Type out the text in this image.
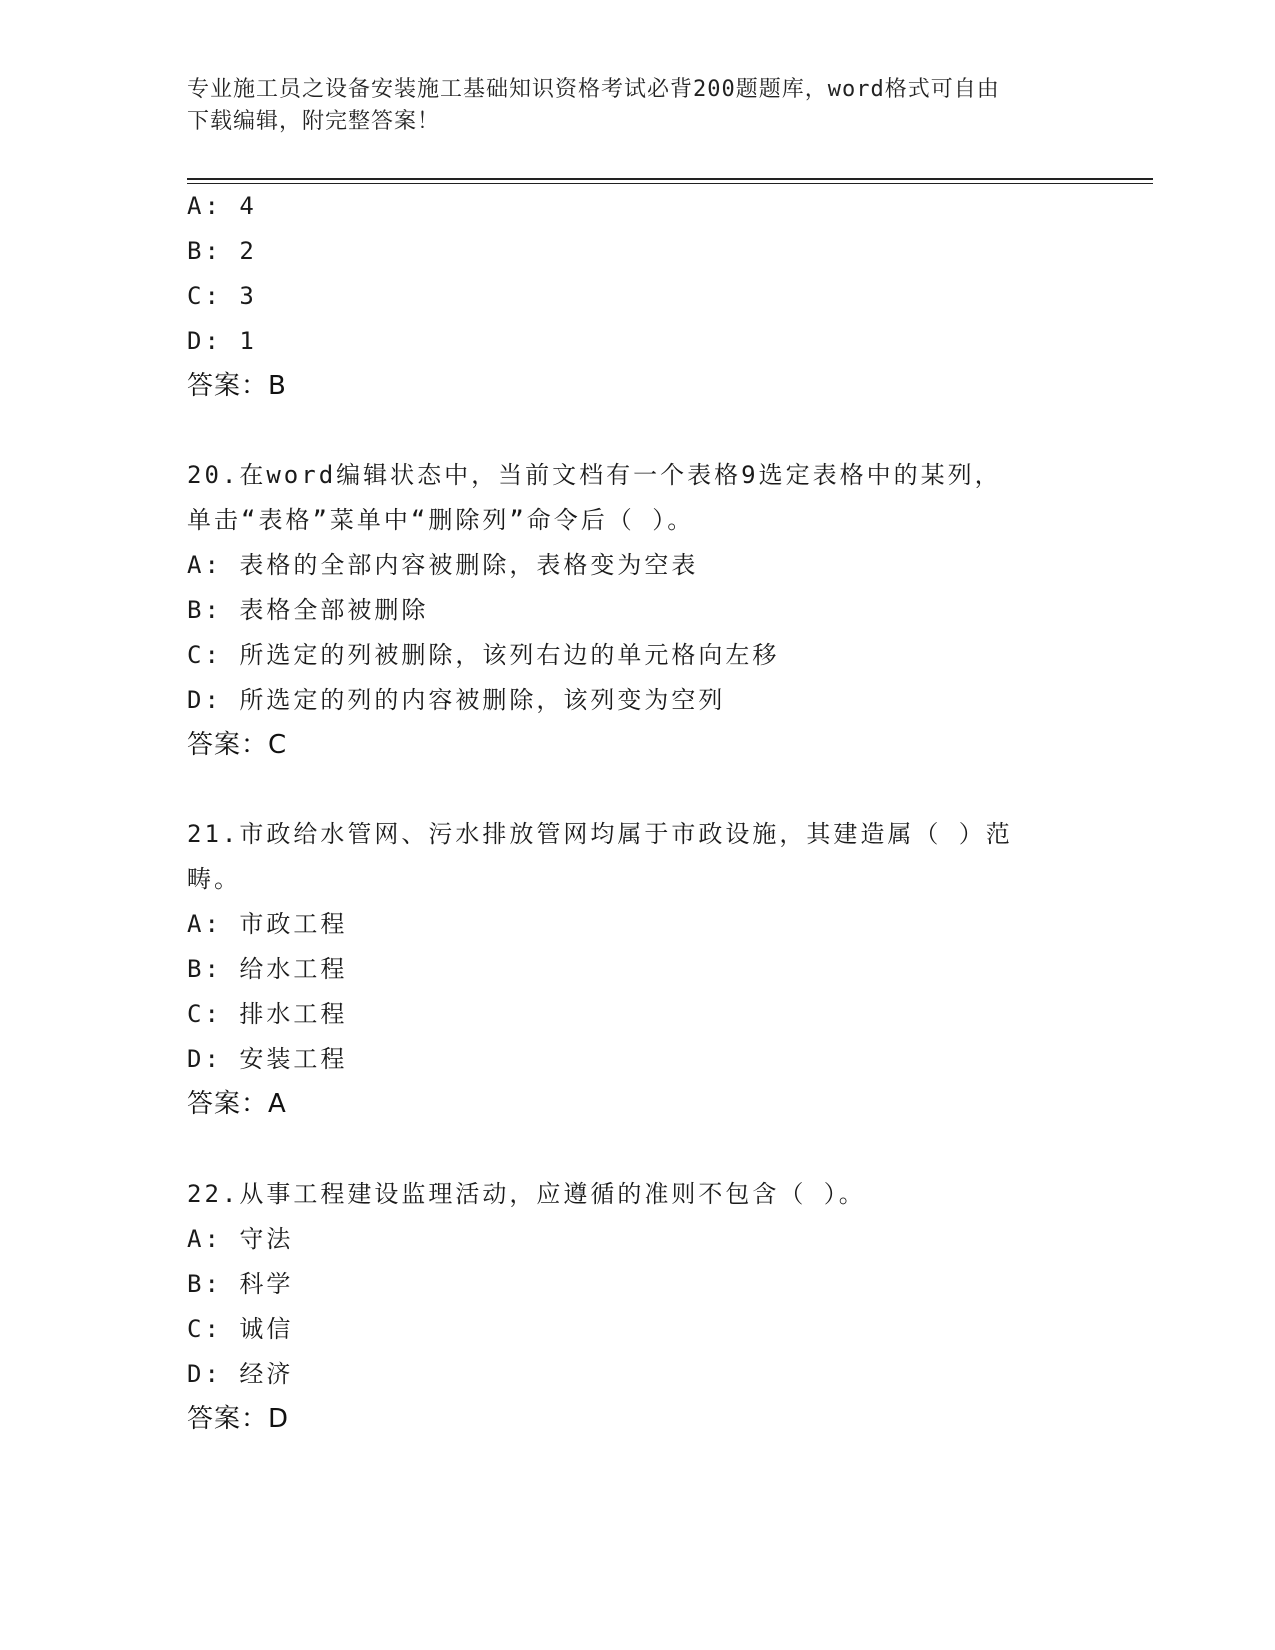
专业施工员之设备安装施工基础知识资格考试必背200题题库，word格式可自由
下载编辑，附完整答案！
A: 4
B: 2
C: 3
D: 1
答案：B
20.在word编辑状态中，当前文档有一个表格9选定表格中的某列，
单击“表格”菜单中“删除列”命令后（ ）。
A: 表格的全部内容被删除，表格变为空表
B: 表格全部被删除
C: 所选定的列被删除，该列右边的单元格向左移
D: 所选定的列的内容被删除，该列变为空列
答案：C
21.市政给水管网、污水排放管网均属于市政设施，其建造属（ ）范
畴。
A: 市政工程
B: 给水工程
C: 排水工程
D: 安装工程
答案：A
22.从事工程建设监理活动，应遵循的准则不包含（ ）。
A: 守法
B: 科学
C: 诚信
D: 经济
答案：D
